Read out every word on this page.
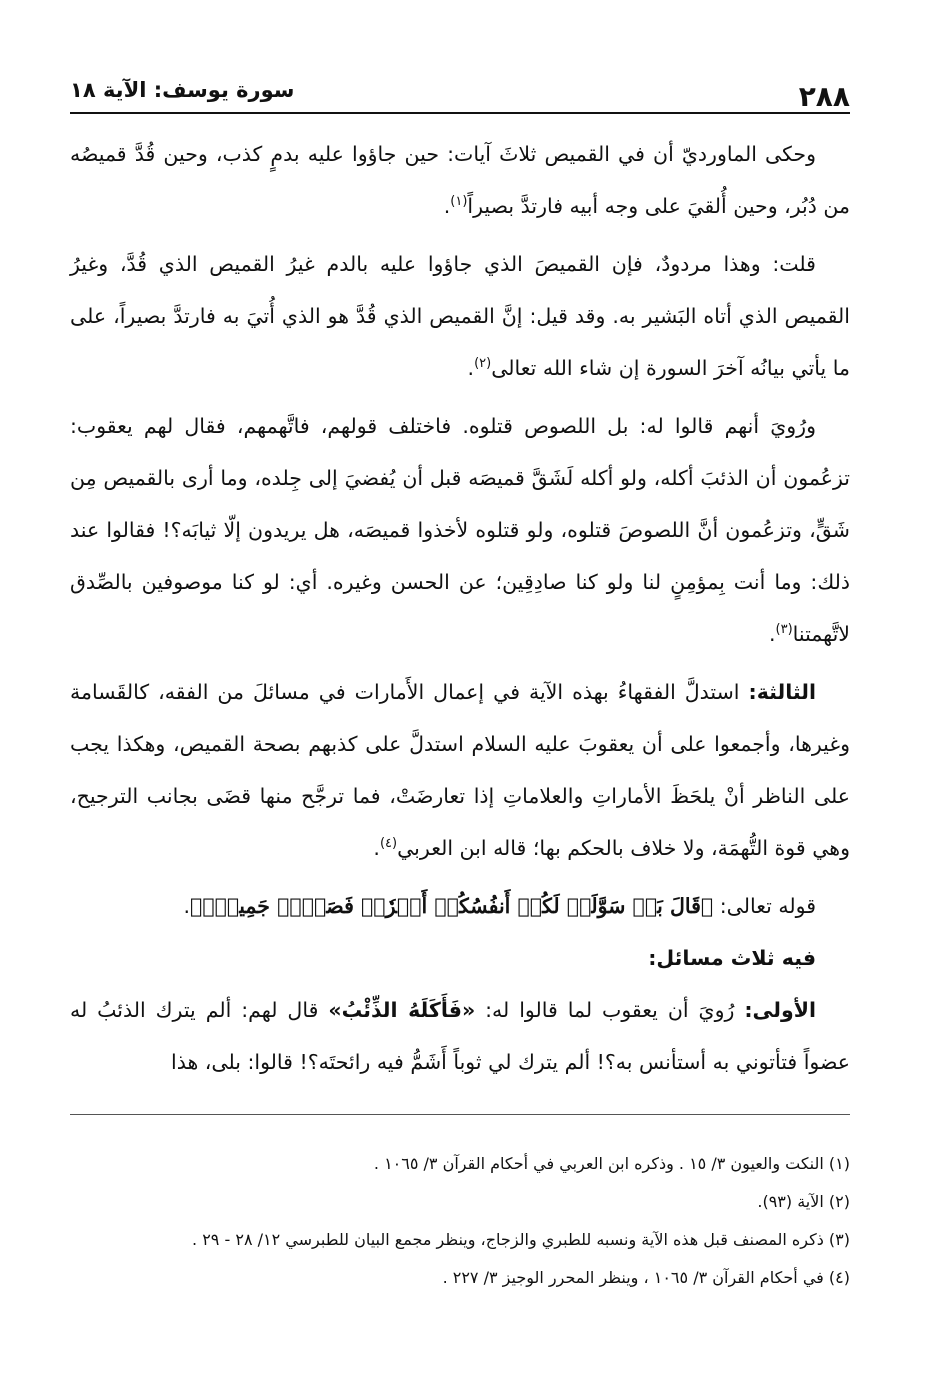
٢٨٨
سورة يوسف: الآية ١٨

وحكى الماورديّ أن في القميص ثلاثَ آيات: حين جاؤوا عليه بدمٍ كذب، وحين قُدَّ قميصُه من دُبُر، وحين أُلقيَ على وجه أبيه فارتدَّ بصيراً$^{(١)}$.

قلت: وهذا مردودٌ، فإن القميصَ الذي جاؤوا عليه بالدم غيرُ القميص الذي قُدَّ، وغيرُ القميص الذي أتاه البَشير به. وقد قيل: إنَّ القميص الذي قُدَّ هو الذي أُتيَ به فارتدَّ بصيراً، على ما يأتي بيانُه آخرَ السورة إن شاء الله تعالى$^{(٢)}$.

ورُويَ أنهم قالوا له: بل اللصوص قتلوه. فاختلف قولهم، فاتَّهمهم، فقال لهم يعقوب: تزعُمون أن الذئبَ أكله، ولو أكله لَشَقَّ قميصَه قبل أن يُفضيَ إلى جِلده، وما أرى بالقميص مِن شَقٍّ، وتزعُمون أنَّ اللصوصَ قتلوه، ولو قتلوه لأخذوا قميصَه، هل يريدون إلّا ثيابَه؟! فقالوا عند ذلك: وما أنت بِمؤمِنٍ لنا ولو كنا صادِقِين؛ عن الحسن وغيره. أي: لو كنا موصوفين بالصِّدق لاتَّهمتنا$^{(٣)}$.

الثالثة: استدلَّ الفقهاءُ بهذه الآية في إعمال الأَمارات في مسائلَ من الفقه، كالقَسامة وغيرها، وأجمعوا على أن يعقوبَ عليه السلام استدلَّ على كذبهم بصحة القميص، وهكذا يجب على الناظر أنْ يلحَظَ الأماراتِ والعلاماتِ إذا تعارضَتْ، فما ترجَّح منها قضَى بجانب الترجيح، وهي قوة التُّهمَة، ولا خلاف بالحكم بها؛ قاله ابن العربي$^{(٤)}$.

قوله تعالى: ﴿قَالَ بَلۡ سَوَّلَتۡ لَكُمۡ أَنفُسُكُمۡ أَمۡرٗاۖ فَصَبۡرٞ جَمِيلٞۖ﴾.

فيه ثلاث مسائل:

الأولى: رُويَ أن يعقوب لما قالوا له: «فَأَكَلَهُ الذِّئْبُ» قال لهم: ألم يترك الذئبُ له عضواً فتأتوني به أستأنس به؟! ألم يترك لي ثوباً أَشَمُّ فيه رائحتَه؟! قالوا: بلى، هذا

(١) النكت والعيون ٣/ ١٥ . وذكره ابن العربي في أحكام القرآن ٣/ ١٠٦٥ .

(٢) الآية (٩٣).

(٣) ذكره المصنف قبل هذه الآية ونسبه للطبري والزجاج، وينظر مجمع البيان للطبرسي ١٢/ ٢٨ - ٢٩ .

(٤) في أحكام القرآن ٣/ ١٠٦٥ ، وينظر المحرر الوجيز ٣/ ٢٢٧ .
